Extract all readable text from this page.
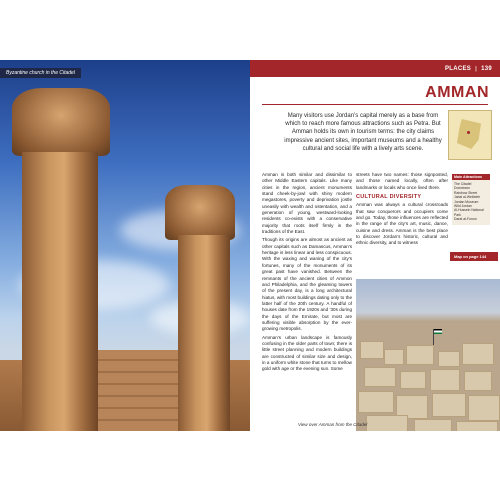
Byzantine church in the Citadel
PLACES | 139
AMMAN
Many visitors use Jordan’s capital merely as a base from which to reach more famous attractions such as Petra. But Amman holds its own in tourism terms: the city claims impressive ancient sites, important museums and a healthy cultural and social life with a lively arts scene.

Amman is both similar and dissimilar to other Middle Eastern capitals. Like many cities in the region, ancient monuments stand cheek-by-jowl with shiny modern megastores, poverty and deprivation jostle uneasily with wealth and ostentation, and a generation of young, westward-looking residents co-exists with a conservative majority that roots itself firmly in the traditions of the East.

Though its origins are almost as ancient as other capitals such as Damascus, Amman’s heritage is less linear and less conspicuous. With the waxing and waning of the city’s fortunes, many of the monuments of its great past have vanished. Between the remnants of the ancient cities of Ammon and Philadelphia, and the gleaming towers of the present day, is a long architectural hiatus, with most buildings dating only to the latter half of the 20th century. A handful of houses date from the 1920s and ’30s during the days of the Emirate, but most are suffering visible absorption by the ever-growing metropolis.

Amman’s urban landscape is famously confusing in the older parts of town; there is little street planning and modern buildings are constructed of similar size and design, in a uniform white stone that turns to mellow gold with age or the evening sun. Some

streets have two names: those signposted, and those named locally, often after landmarks or locals who once lived there.

CULTURAL DIVERSITY

Amman was always a cultural crossroads that saw conquerors and occupiers come and go. Today, those influences are reflected in the range of the city’s art, music, dance, cuisine and dress. Amman is the best place to discover Jordan’s historic, cultural and ethnic diversity, and to witness

Main Attractions
The Citadel
Downtown
Rainbow Street
Jabal al-Weibdeh
Jordan Museum
Wild Jordan
Al-Hussein National Park
Darat al-Funun
Map on page 144
View over Amman from the Citadel
